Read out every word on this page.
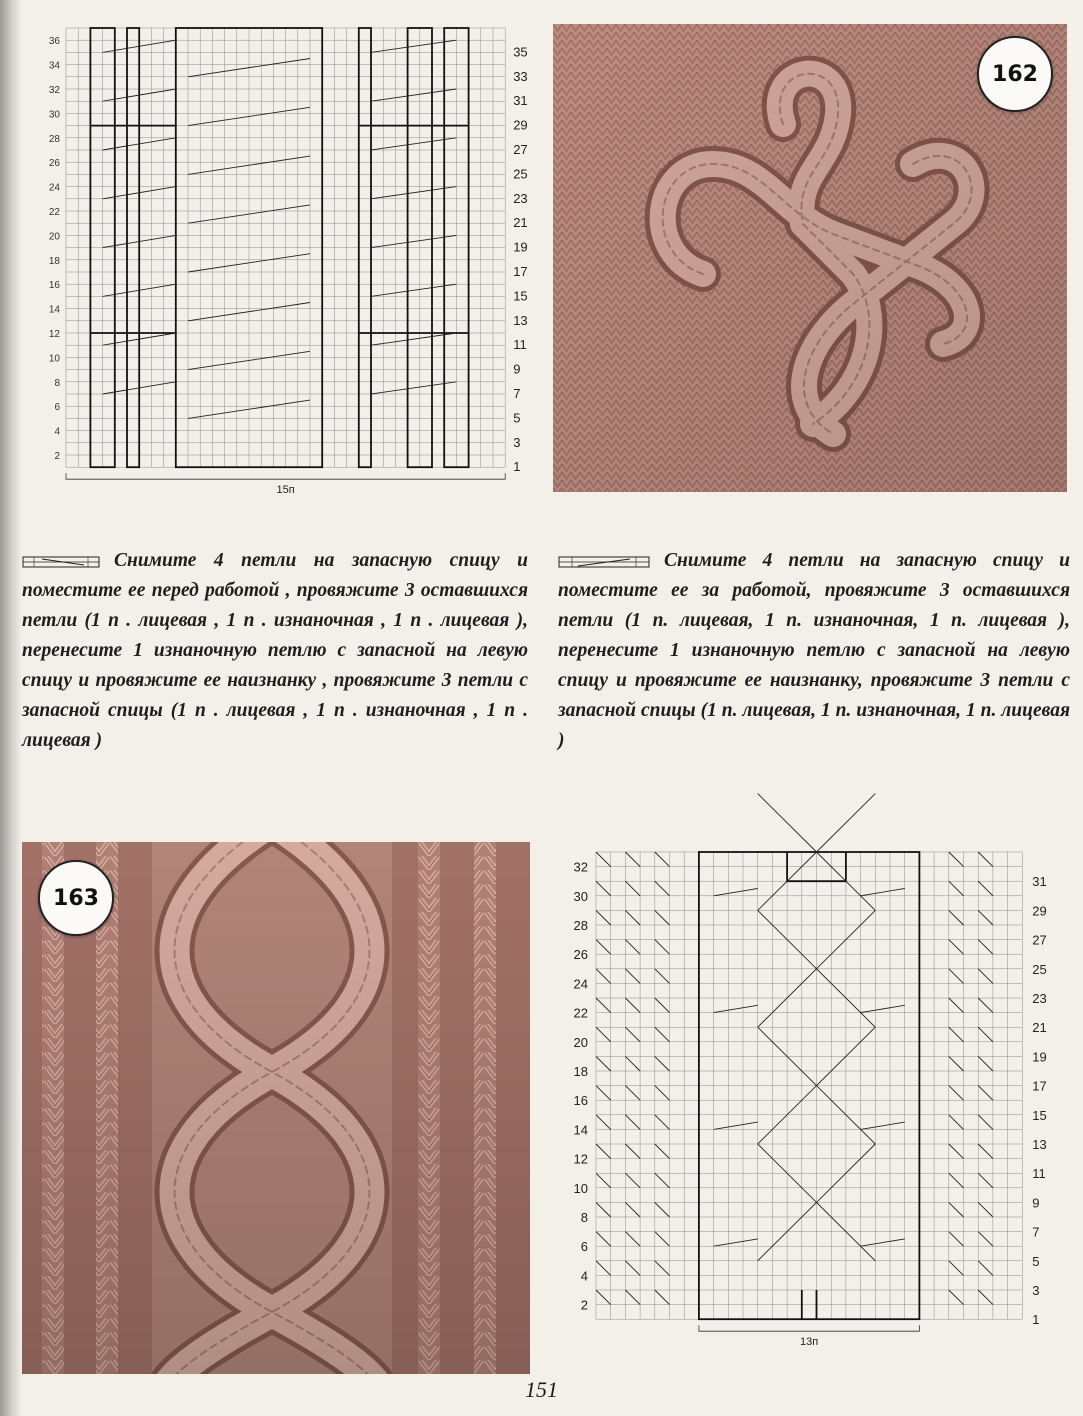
2
4
6
8
10
12
14
16
18
20
22
24
26
28
30
32
34
36
1
3
5
7
9
11
13
15
17
19
21
23
25
27
29
31
33
35
15п
162
Снимите 4 петли на запасную спицу и поместите ее перед работой , провяжите 3 оставшихся петли (1 п . лицевая , 1 п . изнаночная , 1 п . лицевая ), перенесите 1 изнаночную петлю с запасной на левую спицу и провяжите ее наизнанку , провяжите 3 петли с запасной спицы (1 п . лицевая , 1 п . изнаночная , 1 п . лицевая )
Снимите 4 петли на запасную спицу и поместите ее за работой, провяжите 3 оставшихся петли (1 п. лицевая, 1 п. изнаночная, 1 п. лицевая ), перенесите 1 изнаночную петлю с запасной на левую спицу и провяжите ее наизнанку, провяжите 3 петли с запасной спицы (1 п. лицевая, 1 п. изнаночная, 1 п. лицевая )
163
2
4
6
8
10
12
14
16
18
20
22
24
26
28
30
32
1
3
5
7
9
11
13
15
17
19
21
23
25
27
29
31
13п
151
